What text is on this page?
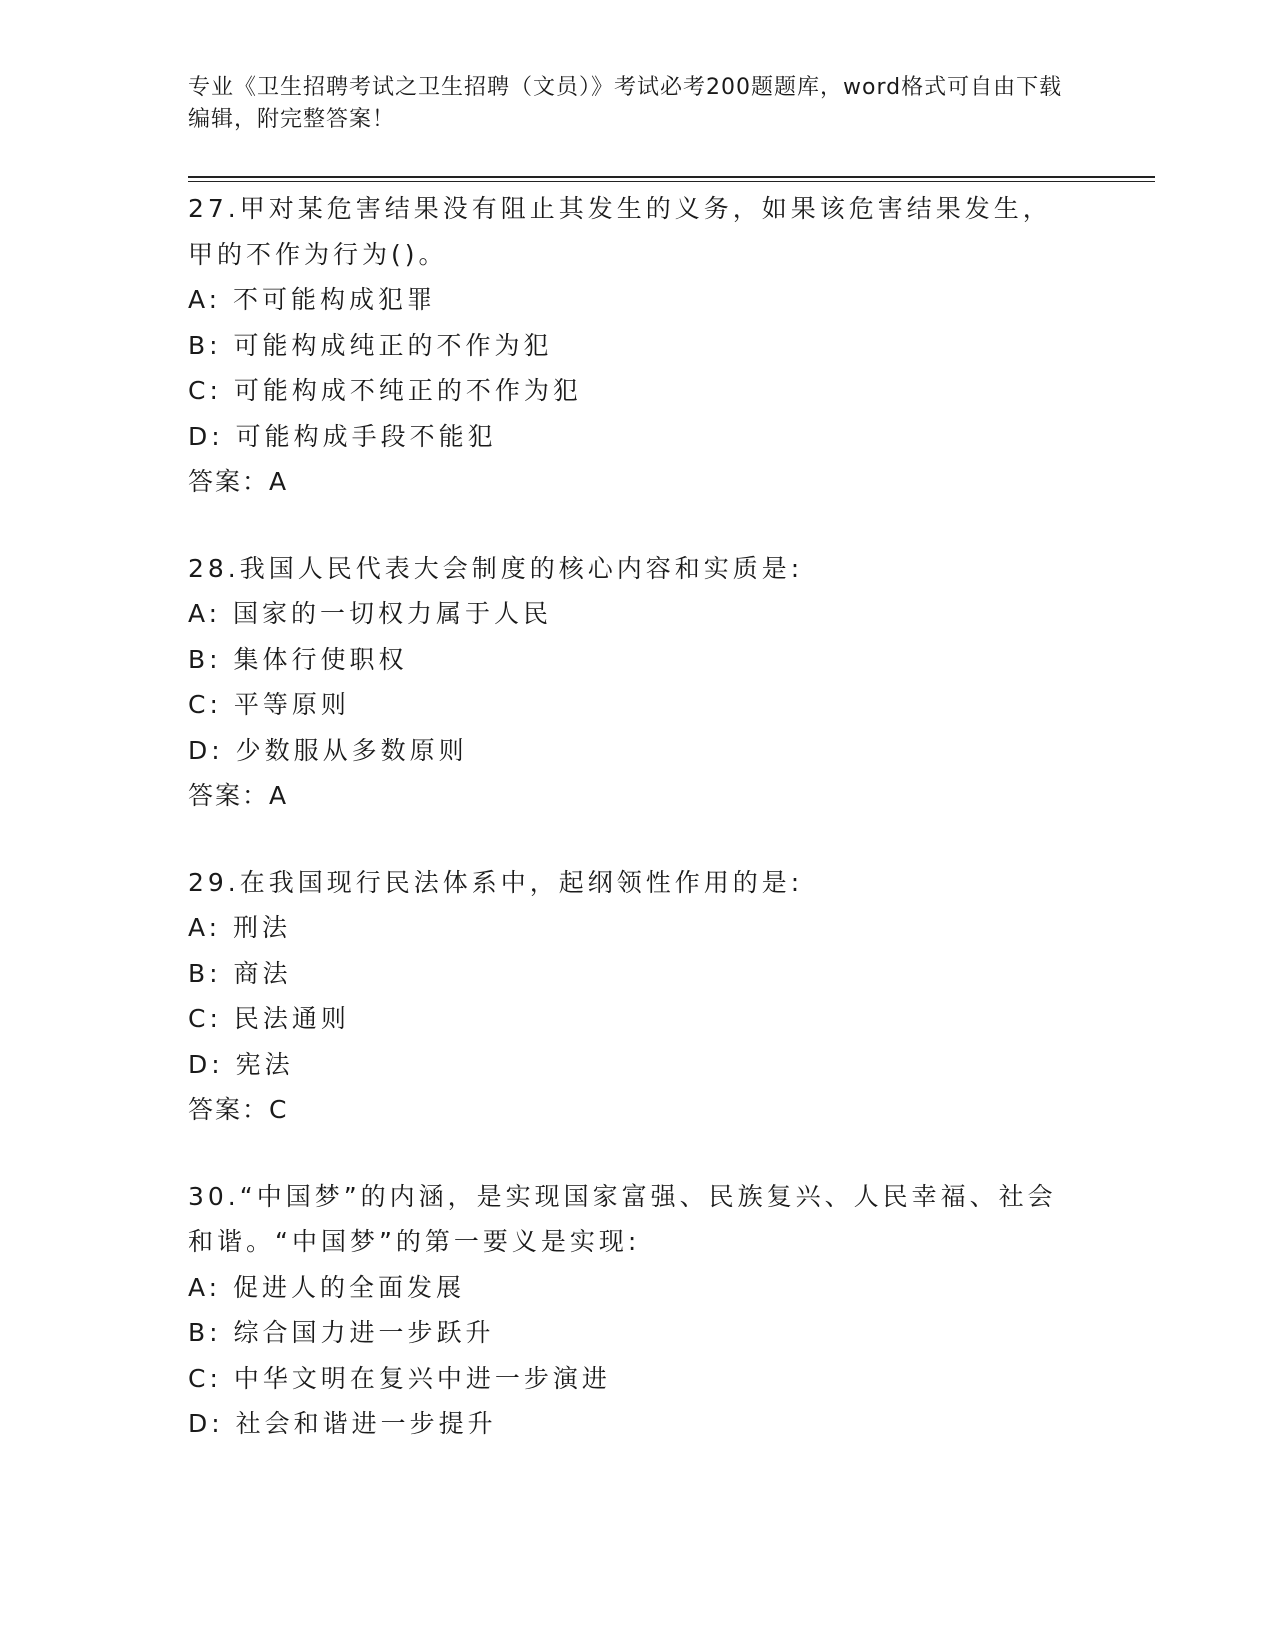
专业《卫生招聘考试之卫生招聘（文员）》考试必考200题题库，word格式可自由下载编辑，附完整答案！
27.甲对某危害结果没有阻止其发生的义务，如果该危害结果发生，甲的不作为行为()。
A: 不可能构成犯罪
B: 可能构成纯正的不作为犯
C: 可能构成不纯正的不作为犯
D: 可能构成手段不能犯
答案：A
28.我国人民代表大会制度的核心内容和实质是:
A: 国家的一切权力属于人民
B: 集体行使职权
C: 平等原则
D: 少数服从多数原则
答案：A
29.在我国现行民法体系中，起纲领性作用的是:
A: 刑法
B: 商法
C: 民法通则
D: 宪法
答案：C
30.“中国梦”的内涵，是实现国家富强、民族复兴、人民幸福、社会和谐。“中国梦”的第一要义是实现:
A: 促进人的全面发展
B: 综合国力进一步跃升
C: 中华文明在复兴中进一步演进
D: 社会和谐进一步提升
